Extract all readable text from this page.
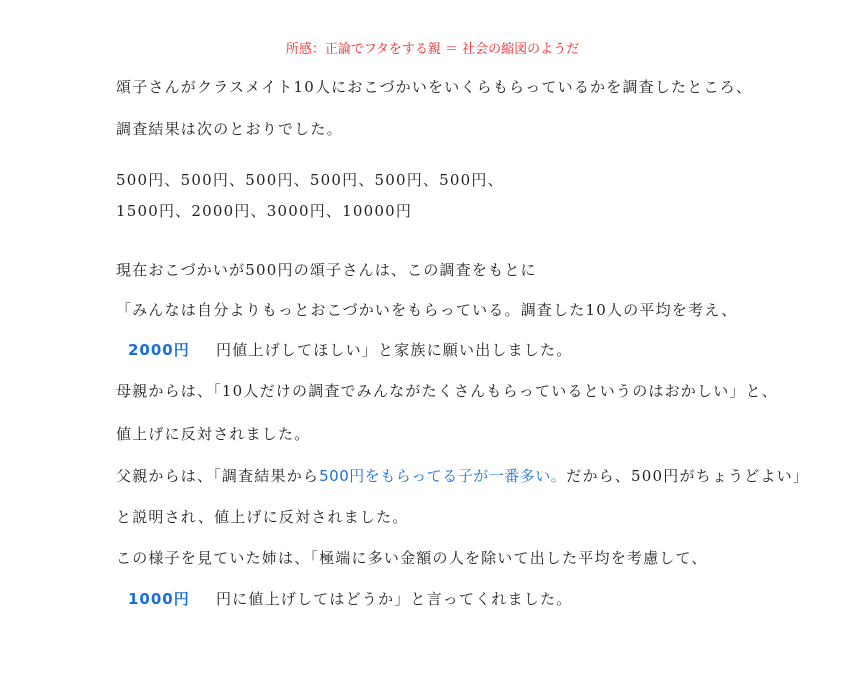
所感：正論でフタをする親 ＝ 社会の縮図のようだ
頌子さんがクラスメイト10人におこづかいをいくらもらっているかを調査したところ、
調査結果は次のとおりでした。
500円、500円、500円、500円、500円、500円、
1500円、2000円、3000円、10000円
現在おこづかいが500円の頌子さんは、この調査をもとに
「みんなは自分よりもっとおこづかいをもらっている。調査した10人の平均を考え、
2000円 円値上げしてほしい」と家族に願い出しました。
母親からは、「10人だけの調査でみんながたくさんもらっているというのはおかしい」と、
値上げに反対されました。
父親からは、「調査結果から500円をもらってる子が一番多い。だから、500円がちょうどよい」
と説明され、値上げに反対されました。
この様子を見ていた姉は、「極端に多い金額の人を除いて出した平均を考慮して、
1000円 円に値上げしてはどうか」と言ってくれました。
